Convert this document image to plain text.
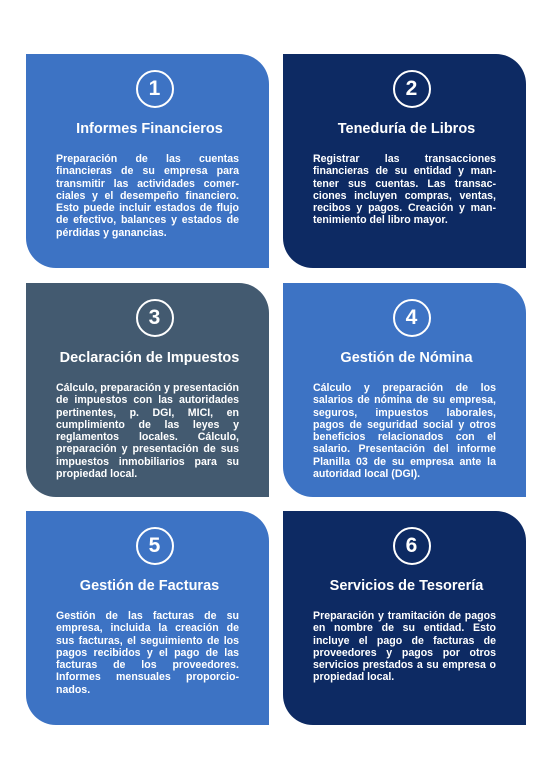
1
Informes Financieros
Preparación de las cuentas financieras de su empresa para transmitir las actividades comerciales y el desempeño financiero. Esto puede incluir estados de flujo de efectivo, balances y estados de pérdidas y ganancias.
2
Teneduría de Libros
Registrar las transacciones financieras de su entidad y mantener sus cuentas. Las transacciones incluyen compras, ventas, recibos y pagos. Creación y mantenimiento del libro mayor.
3
Declaración de Impuestos
Cálculo, preparación y presentación de impuestos con las autoridades pertinentes, p. DGI, MICI, en cumplimiento de las leyes y reglamentos locales. Cálculo, preparación y presentación de sus impuestos inmobiliarios para su propiedad local.
4
Gestión de Nómina
Cálculo y preparación de los salarios de nómina de su empresa, seguros, impuestos laborales, pagos de seguridad social y otros beneficios relacionados con el salario. Presentación del informe Planilla 03 de su empresa ante la autoridad local (DGI).
5
Gestión de Facturas
Gestión de las facturas de su empresa, incluida la creación de sus facturas, el seguimiento de los pagos recibidos y el pago de las facturas de los proveedores. Informes mensuales proporcionados.
6
Servicios de Tesorería
Preparación y tramitación de pagos en nombre de su entidad. Esto incluye el pago de facturas de proveedores y pagos por otros servicios prestados a su empresa o propiedad local.
